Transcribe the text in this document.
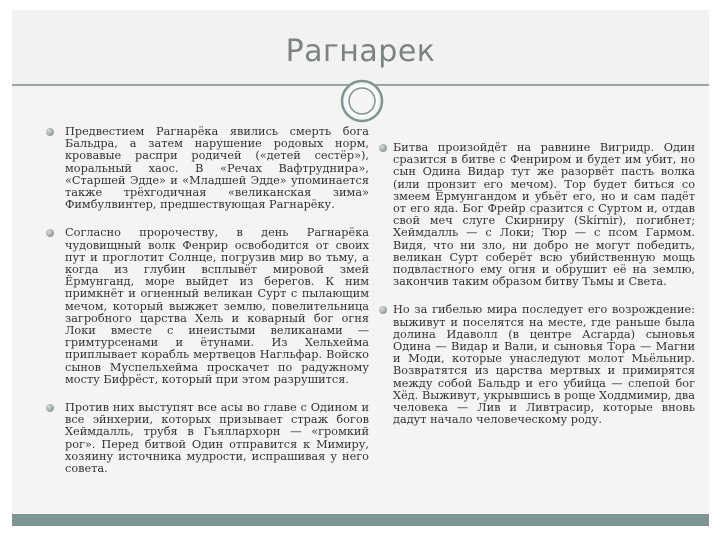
Рагнарек
Предвестием Рагнарёка явились смерть бога Бальдра, а затем нарушение родовых норм, кровавые распри родичей («детей сестёр»), моральный хаос. В «Речах Вафтруднира», «Старшей Эдде» и «Младшей Эдде» упоминается также трёхгодичная «великанская зима» Фимбулвинтер, предшествующая Рагнарёку.
Согласно пророчеству, в день Рагнарёка чудовищный волк Фенрир освободится от своих пут и проглотит Солнце, погрузив мир во тьму, а когда из глубин всплывёт мировой змей Ёрмунганд, море выйдет из берегов. К ним примкнёт и огненный великан Сурт с пылающим мечом, который выжжет землю, повелительница загробного царства Хель и коварный бог огня Локи вместе с инеистыми великанами — гримтурсенами и ётунами. Из Хельхейма приплывает корабль мертвецов Нагльфар. Войско сынов Муспельхейма проскачет по радужному мосту Бифрёст, который при этом разрушится.
Против них выступят все асы во главе с Одином и все эйнхерии, которых призывает страж богов Хеймдалль, трубя в Гьяллархорн — «громкий рог». Перед битвой Один отправится к Мимиру, хозяину источника мудрости, испрашивая у него совета.
Битва произойдёт на равнине Вигридр. Один сразится в битве с Фенриром и будет им убит, но сын Одина Видар тут же разорвёт пасть волка (или пронзит его мечом). Тор будет биться со змеем Ёрмунгандом и убьёт его, но и сам падёт от его яда. Бог Фрейр сразится с Суртом и, отдав свой меч слуге Скирниру (Skírnir), погибнет; Хеймдалль — с Локи; Тюр — с псом Гармом. Видя, что ни зло, ни добро не могут победить, великан Сурт соберёт всю убийственную мощь подвластного ему огня и обрушит её на землю, закончив таким образом битву Тьмы и Света.
Но за гибелью мира последует его возрождение: выживут и поселятся на месте, где раньше была долина Идаволл (в центре Асгарда) сыновья Одина — Видар и Вали, и сыновья Тора — Магни и Моди, которые унаследуют молот Мьёльнир. Возвратятся из царства мертвых и примирятся между собой Бальдр и его убийца — слепой бог Хёд. Выживут, укрывшись в роще Ходдмимир, два человека — Лив и Ливтрасир, которые вновь дадут начало человеческому роду.
